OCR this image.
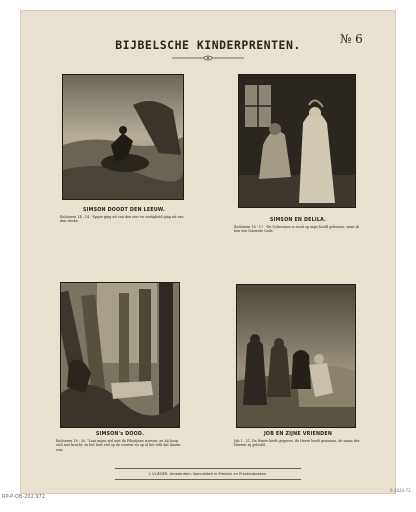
BIJBELSCHE KINDERPRENTEN.	№ 6
SIMSON DOODT DEN LEEUW.
Richteren 14 : 14. "Spijze ging uit van den eter en zoetigheid ging uit van den sterke.	SIMSON EN DELILA.
Richteren 16 : 17. "De Scheermes is nooit op mijn hoofd gekomen, want ik ben een Nazireër Gods.
SIMSON's DOOD.
Richteren 16 : 30. "Laat mijne ziel met de Filistijnen sterven; en hij boog zich met kracht, en het huis viel op de vorsten en op al het volk dat daarin was.
JOB EN ZIJNE VRIENDEN
Job 1 : 21. De Heere heeft gegeven, de Heere heeft genomen, de naam des Heeren zij geloofd.
J. VLIEGER, Amsterdam. Specialiteit in Prenten en Prentenboeken.
RP-P-OB-202.972
9-2024-72
